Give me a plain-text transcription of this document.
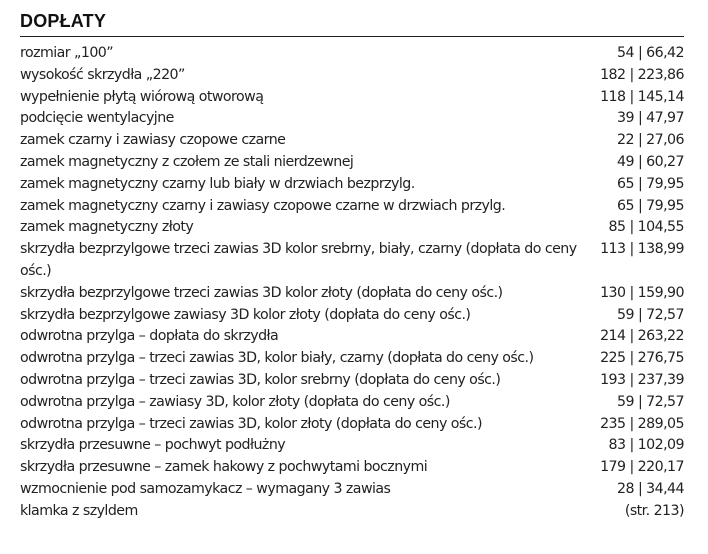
DOPŁATY
rozmiar „100”	54 | 66,42
wysokość skrzydła „220”	182 | 223,86
wypełnienie płytą wiórową otworową	118 | 145,14
podcięcie wentylacyjne	39 | 47,97
zamek czarny i zawiasy czopowe czarne	22 | 27,06
zamek magnetyczny z czołem ze stali nierdzewnej	49 | 60,27
zamek magnetyczny czarny lub biały w drzwiach bezprzylg.	65 | 79,95
zamek magnetyczny czarny i zawiasy czopowe czarne w drzwiach przylg.	65 | 79,95
zamek magnetyczny złoty	85 | 104,55
skrzydła bezprzylgowe trzeci zawias 3D kolor srebrny, biały, czarny (dopłata do ceny ośc.)
113 | 138,99
skrzydła bezprzylgowe trzeci zawias 3D kolor złoty (dopłata do ceny ośc.)	130 | 159,90
skrzydła bezprzylgowe zawiasy 3D kolor złoty (dopłata do ceny ośc.)	59 | 72,57
odwrotna przylga – dopłata do skrzydła	214 | 263,22
odwrotna przylga – trzeci zawias 3D, kolor biały, czarny (dopłata do ceny ośc.)	225 | 276,75
odwrotna przylga – trzeci zawias 3D, kolor srebrny (dopłata do ceny ośc.)	193 | 237,39
odwrotna przylga – zawiasy 3D, kolor złoty (dopłata do ceny ośc.)	59 | 72,57
odwrotna przylga – trzeci zawias 3D, kolor złoty (dopłata do ceny ośc.)	235 | 289,05
skrzydła przesuwne – pochwyt podłużny	83 | 102,09
skrzydła przesuwne – zamek hakowy z pochwytami bocznymi	179 | 220,17
wzmocnienie pod samozamykacz – wymagany 3 zawias	28 | 34,44
klamka z szyldem	(str. 213)
